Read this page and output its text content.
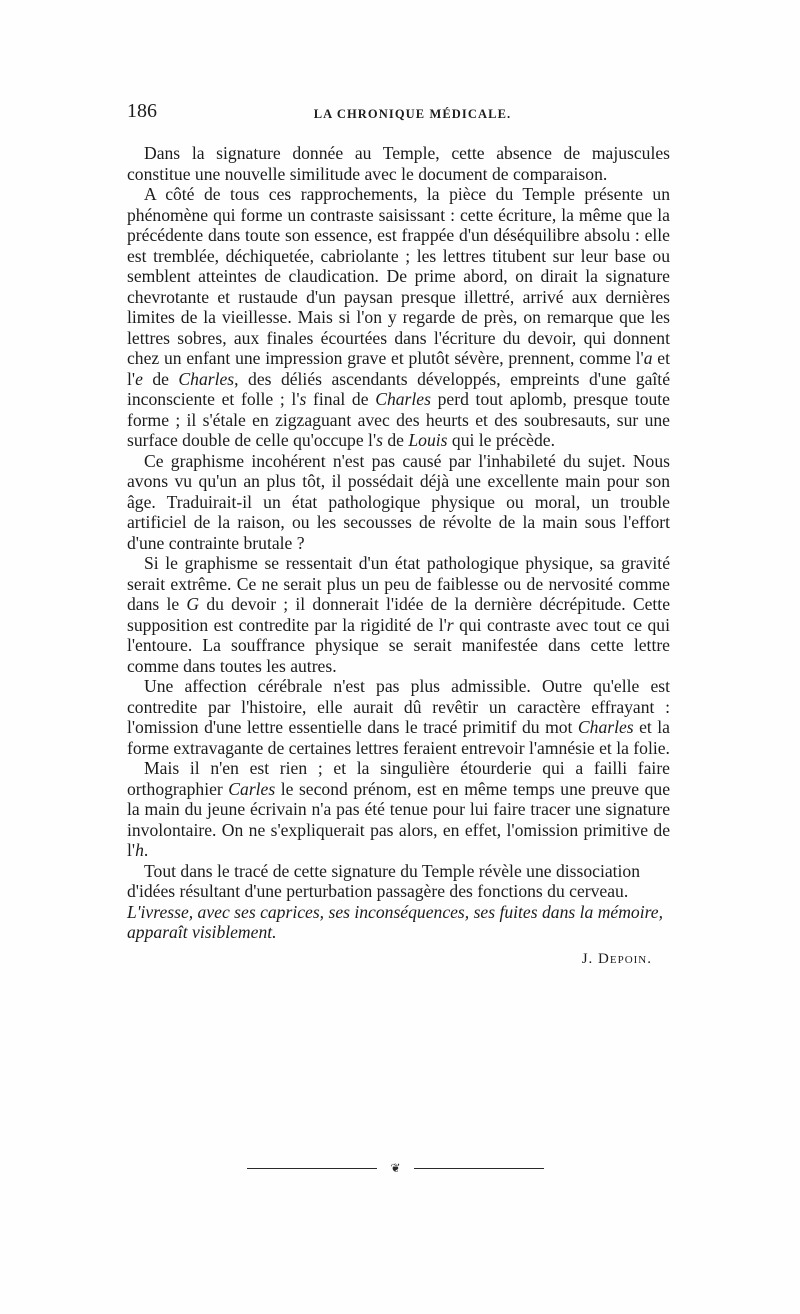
186	LA CHRONIQUE MÉDICALE.

Dans la signature donnée au Temple, cette absence de majuscules constitue une nouvelle similitude avec le document de comparaison.

A côté de tous ces rapprochements, la pièce du Temple présente un phénomène qui forme un contraste saisissant : cette écriture, la même que la précédente dans toute son essence, est frappée d'un déséquilibre absolu : elle est tremblée, déchiquetée, cabriolante ; les lettres titubent sur leur base ou semblent atteintes de claudication. De prime abord, on dirait la signature chevrotante et rustaude d'un paysan presque illettré, arrivé aux dernières limites de la vieillesse. Mais si l'on y regarde de près, on remarque que les lettres sobres, aux finales écourtées dans l'écriture du devoir, qui donnent chez un enfant une impression grave et plutôt sévère, prennent, comme l'a et l'e de Charles, des déliés ascendants développés, empreints d'une gaîté inconsciente et folle ; l's final de Charles perd tout aplomb, presque toute forme ; il s'étale en zigzaguant avec des heurts et des soubresauts, sur une surface double de celle qu'occupe l's de Louis qui le précède.

Ce graphisme incohérent n'est pas causé par l'inhabileté du sujet. Nous avons vu qu'un an plus tôt, il possédait déjà une excellente main pour son âge. Traduirait-il un état pathologique physique ou moral, un trouble artificiel de la raison, ou les secousses de révolte de la main sous l'effort d'une contrainte brutale ?

Si le graphisme se ressentait d'un état pathologique physique, sa gravité serait extrême. Ce ne serait plus un peu de faiblesse ou de nervosité comme dans le G du devoir ; il donnerait l'idée de la dernière décrépitude. Cette supposition est contredite par la rigidité de l'r qui contraste avec tout ce qui l'entoure. La souffrance physique se serait manifestée dans cette lettre comme dans toutes les autres.

Une affection cérébrale n'est pas plus admissible. Outre qu'elle est contredite par l'histoire, elle aurait dû revêtir un caractère effrayant : l'omission d'une lettre essentielle dans le tracé primitif du mot Charles et la forme extravagante de certaines lettres feraient entrevoir l'amnésie et la folie.

Mais il n'en est rien ; et la singulière étourderie qui a failli faire orthographier Carles le second prénom, est en même temps une preuve que la main du jeune écrivain n'a pas été tenue pour lui faire tracer une signature involontaire. On ne s'expliquerait pas alors, en effet, l'omission primitive de l'h.

Tout dans le tracé de cette signature du Temple révèle une dissociation d'idées résultant d'une perturbation passagère des fonctions du cerveau. L'ivresse, avec ses caprices, ses inconséquences, ses fuites dans la mémoire, apparaît visiblement.

J. Depoin.
❦
